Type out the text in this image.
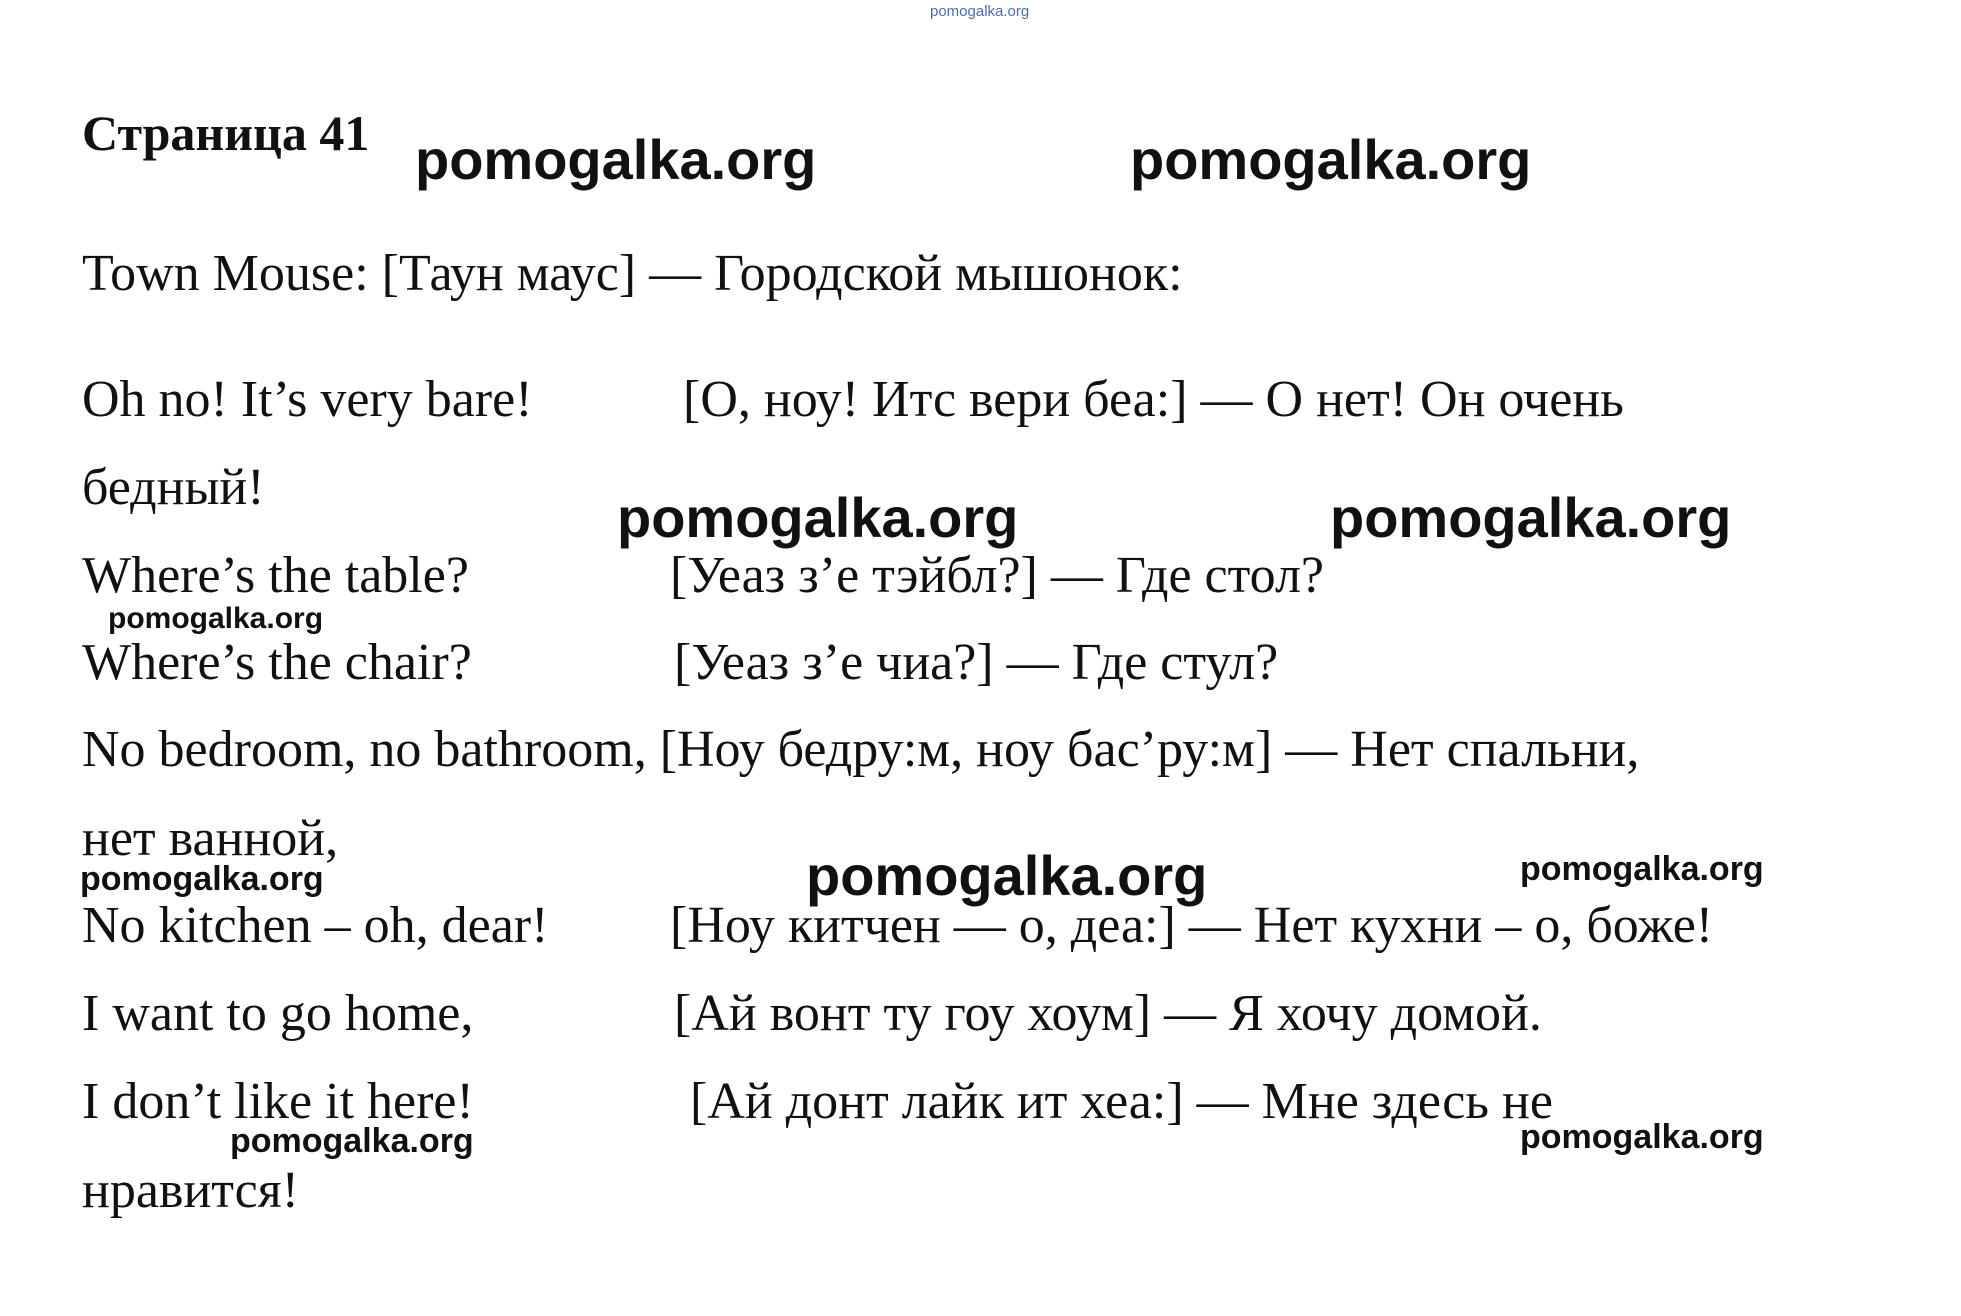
pomogalka.org
Страница 41 pomogalka.org	pomogalka.org
Town Mouse: [Таун маус] — Городской мышонок:
Oh no! It’s very bare!	[О, ноу! Итс вери беа:] — О нет! Он очень
бедный!	pomogalka.org	pomogalka.org
Where’s the table?	[Уеаз з’е тэйбл?] — Где стол?
pomogalka.org
Where’s the chair?	[Уеаз з’е чиа?] — Где стул?
No bedroom, no bathroom, [Ноу бедру:м, ноу бас’ру:м] — Нет спальни,
нет ванной,
pomogalka.org	pomogalka.org	pomogalka.org
No kitchen – oh, dear! [Ноу китчен — о, деа:] — Нет кухни – о, боже!
I want to go home,	[Ай вонт ту гоу хоум] — Я хочу домой.
I don’t like it here!	[Ай донт лайк ит хеа:] — Мне здесь не
pomogalka.org	pomogalka.org
нравится!
